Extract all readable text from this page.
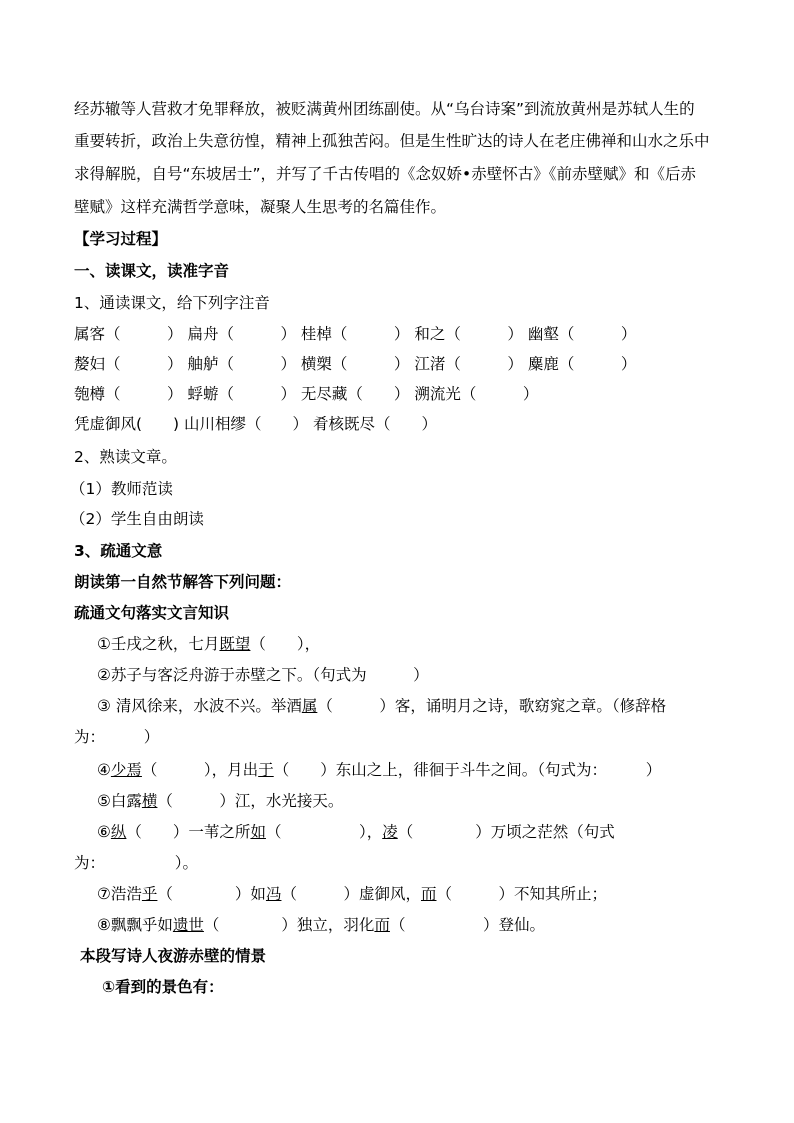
经苏辙等人营救才免罪释放，被贬满黄州团练副使。从“乌台诗案”到流放黄州是苏轼人生的
重要转折，政治上失意彷惶，精神上孤独苦闷。但是生性旷达的诗人在老庄佛禅和山水之乐中
求得解脱，自号“东坡居士”，并写了千古传唱的《念奴娇•赤壁怀古》《前赤壁赋》和《后赤
壁赋》这样充满哲学意味，凝聚人生思考的名篇佳作。
【学习过程】
一、读课文，读准字音
1、通读课文，给下列字注音
属客（　　　） 扁舟（　　　） 桂棹（　　　） 和之（　　　） 幽壑（　　　）
嫠妇（　　　） 舳舻（　　　） 横槊（　　　） 江渚（　　　） 麋鹿（　　　）
匏樽（　　　） 蜉蝣（　　　） 无尽藏（　　） 溯流光（　　　）
凭虚御风(　　) 山川相缪（　　） 肴核既尽（　　）
2、熟读文章。
（1）教师范读
（2）学生自由朗读
3、疏通文意
朗读第一自然节解答下列问题：
疏通文句落实文言知识
①壬戌之秋，七月既望（　　），
②苏子与客泛舟游于赤壁之下。（句式为　　　）
③ 清风徐来，水波不兴。举酒属（　　　）客，诵明月之诗，歌窈窕之章。（修辞格
为：　　　）
④少焉（　　　），月出于（　　）东山之上，徘徊于斗牛之间。（句式为：　　　）
⑤白露横（　　　）江，水光接天。
⑥纵（　　）一苇之所如（　　　　　），凌（　　　　）万顷之茫然（句式
为：　　　　　）。
⑦浩浩乎（　　　　）如冯（　　　）虚御风，而（　　　）不知其所止；
⑧飘飘乎如遗世（　　　　）独立，羽化而（　　　　　）登仙。
本段写诗人夜游赤壁的情景
①看到的景色有：
